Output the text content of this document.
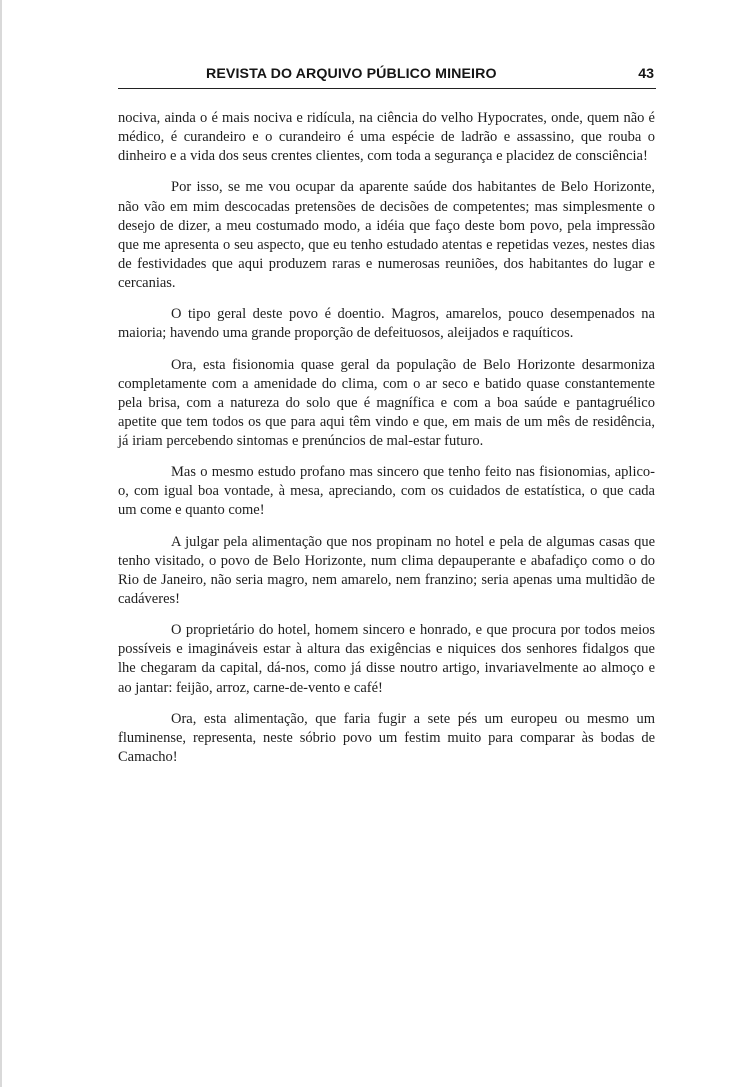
REVISTA DO ARQUIVO PÚBLICO MINEIRO	43

nociva, ainda o é mais nociva e ridícula, na ciência do velho Hypocrates, onde, quem não é médico, é curandeiro e o curandeiro é uma espécie de ladrão e assassino, que rouba o dinheiro e a vida dos seus crentes clientes, com toda a segurança e placidez de consciência!

Por isso, se me vou ocupar da aparente saúde dos habitantes de Belo Horizonte, não vão em mim descocadas pretensões de decisões de competentes; mas simplesmente o desejo de dizer, a meu costumado modo, a idéia que faço deste bom povo, pela impressão que me apresenta o seu aspecto, que eu tenho estudado atentas e repetidas vezes, nestes dias de festividades que aqui produzem raras e numerosas reuniões, dos habitantes do lugar e cercanias.

O tipo geral deste povo é doentio. Magros, amarelos, pouco desempenados na maioria; havendo uma grande proporção de defeituosos, aleijados e raquíticos.

Ora, esta fisionomia quase geral da população de Belo Horizonte desarmoniza completamente com a amenidade do clima, com o ar seco e batido quase constantemente pela brisa, com a natureza do solo que é magnífica e com a boa saúde e pantagruélico apetite que tem todos os que para aqui têm vindo e que, em mais de um mês de residência, já iriam percebendo sintomas e prenúncios de mal-estar futuro.

Mas o mesmo estudo profano mas sincero que tenho feito nas fisionomias, aplico-o, com igual boa vontade, à mesa, apreciando, com os cuidados de estatística, o que cada um come e quanto come!

A julgar pela alimentação que nos propinam no hotel e pela de algumas casas que tenho visitado, o povo de Belo Horizonte, num clima depauperante e abafadiço como o do Rio de Janeiro, não seria magro, nem amarelo, nem franzino; seria apenas uma multidão de cadáveres!

O proprietário do hotel, homem sincero e honrado, e que procura por todos meios possíveis e imagináveis estar à altura das exigências e niquices dos senhores fidalgos que lhe chegaram da capital, dá-nos, como já disse noutro artigo, invariavelmente ao almoço e ao jantar: feijão, arroz, carne-de-vento e café!

Ora, esta alimentação, que faria fugir a sete pés um europeu ou mesmo um fluminense, representa, neste sóbrio povo um festim muito para comparar às bodas de Camacho!
